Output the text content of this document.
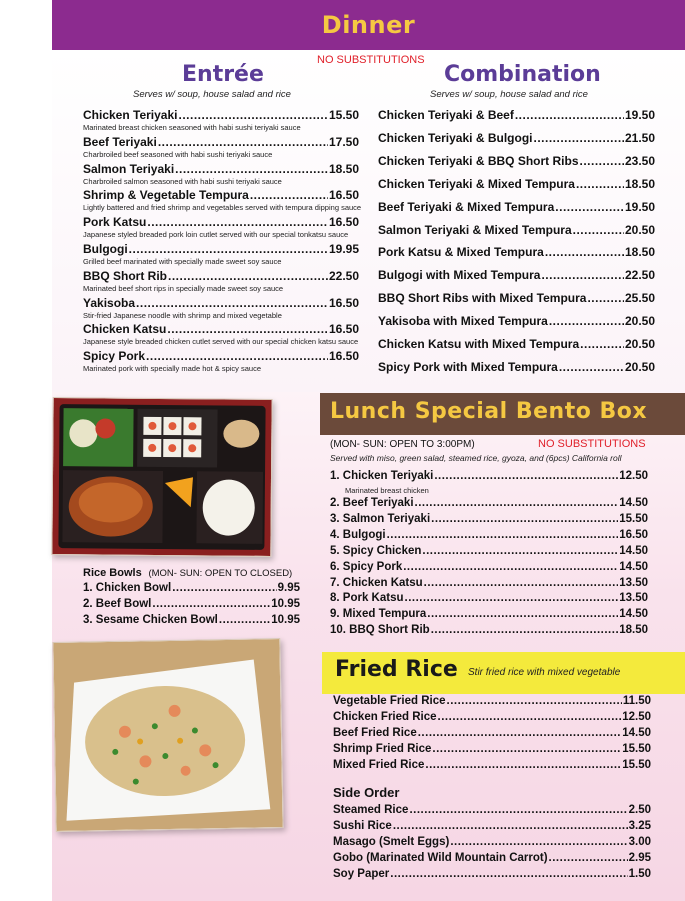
Dinner
NO SUBSTITUTIONS
Entrée
Serves w/ soup, house salad and rice
Chicken Teriyaki .....	15.50
Marinated breast chicken seasoned with habi sushi teriyaki sauce
Beef Teriyaki .....	17.50
Charbroiled beef seasoned with habi sushi teriyaki sauce
Salmon Teriyaki .....	18.50
Charbroiled salmon seasoned with habi sushi teriyaki sauce
Shrimp & Vegetable Tempura .....	16.50
Lightly battered and fried shrimp and vegetables served with tempura dipping sauce
Pork Katsu .....	16.50
Japanese styled breaded pork loin cutlet served with our special tonkatsu sauce
Bulgogi .....	19.95
Grilled beef marinated with specially made sweet soy sauce
BBQ Short Rib .....	22.50
Marinated beef short rips in specially made sweet soy sauce
Yakisoba .....	16.50
Stir-fried Japanese noodle with shrimp and mixed vegetable
Chicken Katsu .....	16.50
Japanese style breaded chicken cutlet served with our special chicken katsu sauce
Spicy Pork .....	16.50
Marinated pork with specially made hot & spicy sauce
Combination
Serves w/ soup, house salad and rice
Chicken Teriyaki & Beef .....	19.50
Chicken Teriyaki & Bulgogi .....	21.50
Chicken Teriyaki & BBQ Short Ribs .....	23.50
Chicken Teriyaki & Mixed Tempura .....	18.50
Beef Teriyaki & Mixed Tempura .....	19.50
Salmon Teriyaki & Mixed Tempura .....	20.50
Pork Katsu & Mixed Tempura .....	18.50
Bulgogi with Mixed Tempura .....	22.50
BBQ Short Ribs with Mixed Tempura .....	25.50
Yakisoba with Mixed Tempura .....	20.50
Chicken Katsu with Mixed Tempura .....	20.50
Spicy Pork with Mixed Tempura .....	20.50
Rice Bowls (MON- SUN: OPEN TO CLOSED)
1. Chicken Bowl .....	9.95
2. Beef Bowl .....	10.95
3. Sesame Chicken Bowl .....	10.95
Lunch Special Bento Box
(MON- SUN: OPEN TO 3:00PM)	NO SUBSTITUTIONS
Served with miso, green salad, steamed rice, gyoza, and (6pcs) California roll
1. Chicken Teriyaki .....	12.50
2. Beef Teriyaki .....	14.50
3. Salmon Teriyaki .....	15.50
4. Bulgogi .....	16.50
5. Spicy Chicken .....	14.50
6. Spicy Pork .....	14.50
7. Chicken Katsu .....	13.50
8. Pork Katsu .....	13.50
9. Mixed Tempura .....	14.50
10. BBQ Short Rib .....	18.50
Marinated breast chicken
Fried Rice Stir fried rice with mixed vegetable
Vegetable Fried Rice .....	11.50
Chicken Fried Rice .....	12.50
Beef Fried Rice .....	14.50
Shrimp Fried Rice .....	15.50
Mixed Fried Rice .....	15.50
Side Order
Steamed Rice .....	2.50
Sushi Rice .....	3.25
Masago (Smelt Eggs) .....	3.00
Gobo (Marinated Wild Mountain Carrot) .....	2.95
Soy Paper .....	1.50
